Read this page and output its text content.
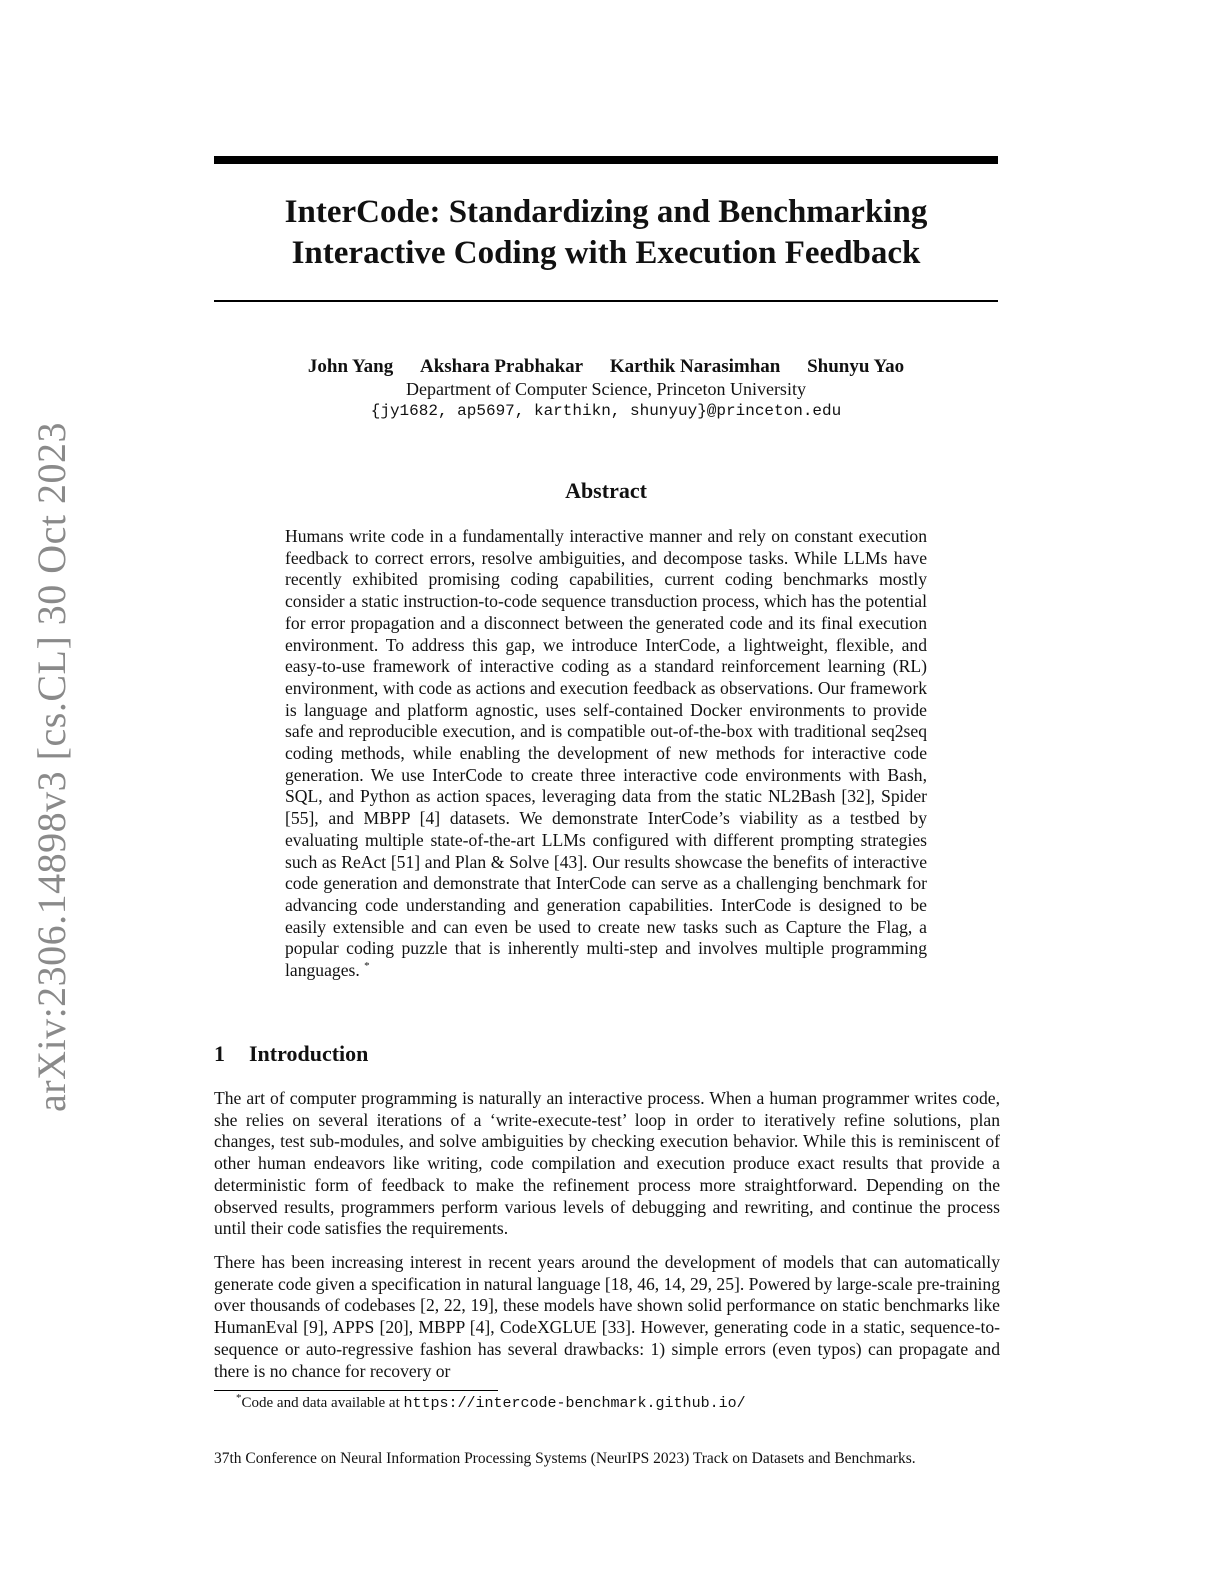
arXiv:2306.14898v3 [cs.CL] 30 Oct 2023
InterCode: Standardizing and Benchmarking
Interactive Coding with Execution Feedback
John Yang Akshara Prabhakar Karthik Narasimhan Shunyu Yao
Department of Computer Science, Princeton University
{jy1682, ap5697, karthikn, shunyuy}@princeton.edu
Abstract
Humans write code in a fundamentally interactive manner and rely on constant execution feedback to correct errors, resolve ambiguities, and decompose tasks. While LLMs have recently exhibited promising coding capabilities, current coding benchmarks mostly consider a static instruction-to-code sequence transduction process, which has the potential for error propagation and a disconnect between the generated code and its final execution environment. To address this gap, we introduce InterCode, a lightweight, flexible, and easy-to-use framework of interactive coding as a standard reinforcement learning (RL) environment, with code as actions and execution feedback as observations. Our framework is language and platform agnostic, uses self-contained Docker environments to provide safe and reproducible execution, and is compatible out-of-the-box with traditional seq2seq coding methods, while enabling the development of new methods for interactive code generation. We use InterCode to create three interactive code environments with Bash, SQL, and Python as action spaces, leveraging data from the static NL2Bash [32], Spider [55], and MBPP [4] datasets. We demonstrate InterCode’s viability as a testbed by evaluating multiple state-of-the-art LLMs configured with different prompting strategies such as ReAct [51] and Plan & Solve [43]. Our results showcase the benefits of interactive code generation and demonstrate that InterCode can serve as a challenging benchmark for advancing code understanding and generation capabilities. InterCode is designed to be easily extensible and can even be used to create new tasks such as Capture the Flag, a popular coding puzzle that is inherently multi-step and involves multiple programming languages. *
1 Introduction

The art of computer programming is naturally an interactive process. When a human programmer writes code, she relies on several iterations of a ‘write-execute-test’ loop in order to iteratively refine solutions, plan changes, test sub-modules, and solve ambiguities by checking execution behavior. While this is reminiscent of other human endeavors like writing, code compilation and execution produce exact results that provide a deterministic form of feedback to make the refinement process more straightforward. Depending on the observed results, programmers perform various levels of debugging and rewriting, and continue the process until their code satisfies the requirements.

There has been increasing interest in recent years around the development of models that can automatically generate code given a specification in natural language [18, 46, 14, 29, 25]. Powered by large-scale pre-training over thousands of codebases [2, 22, 19], these models have shown solid performance on static benchmarks like HumanEval [9], APPS [20], MBPP [4], CodeXGLUE [33]. However, generating code in a static, sequence-to-sequence or auto-regressive fashion has several drawbacks: 1) simple errors (even typos) can propagate and there is no chance for recovery or

*Code and data available at https://intercode-benchmark.github.io/
37th Conference on Neural Information Processing Systems (NeurIPS 2023) Track on Datasets and Benchmarks.
